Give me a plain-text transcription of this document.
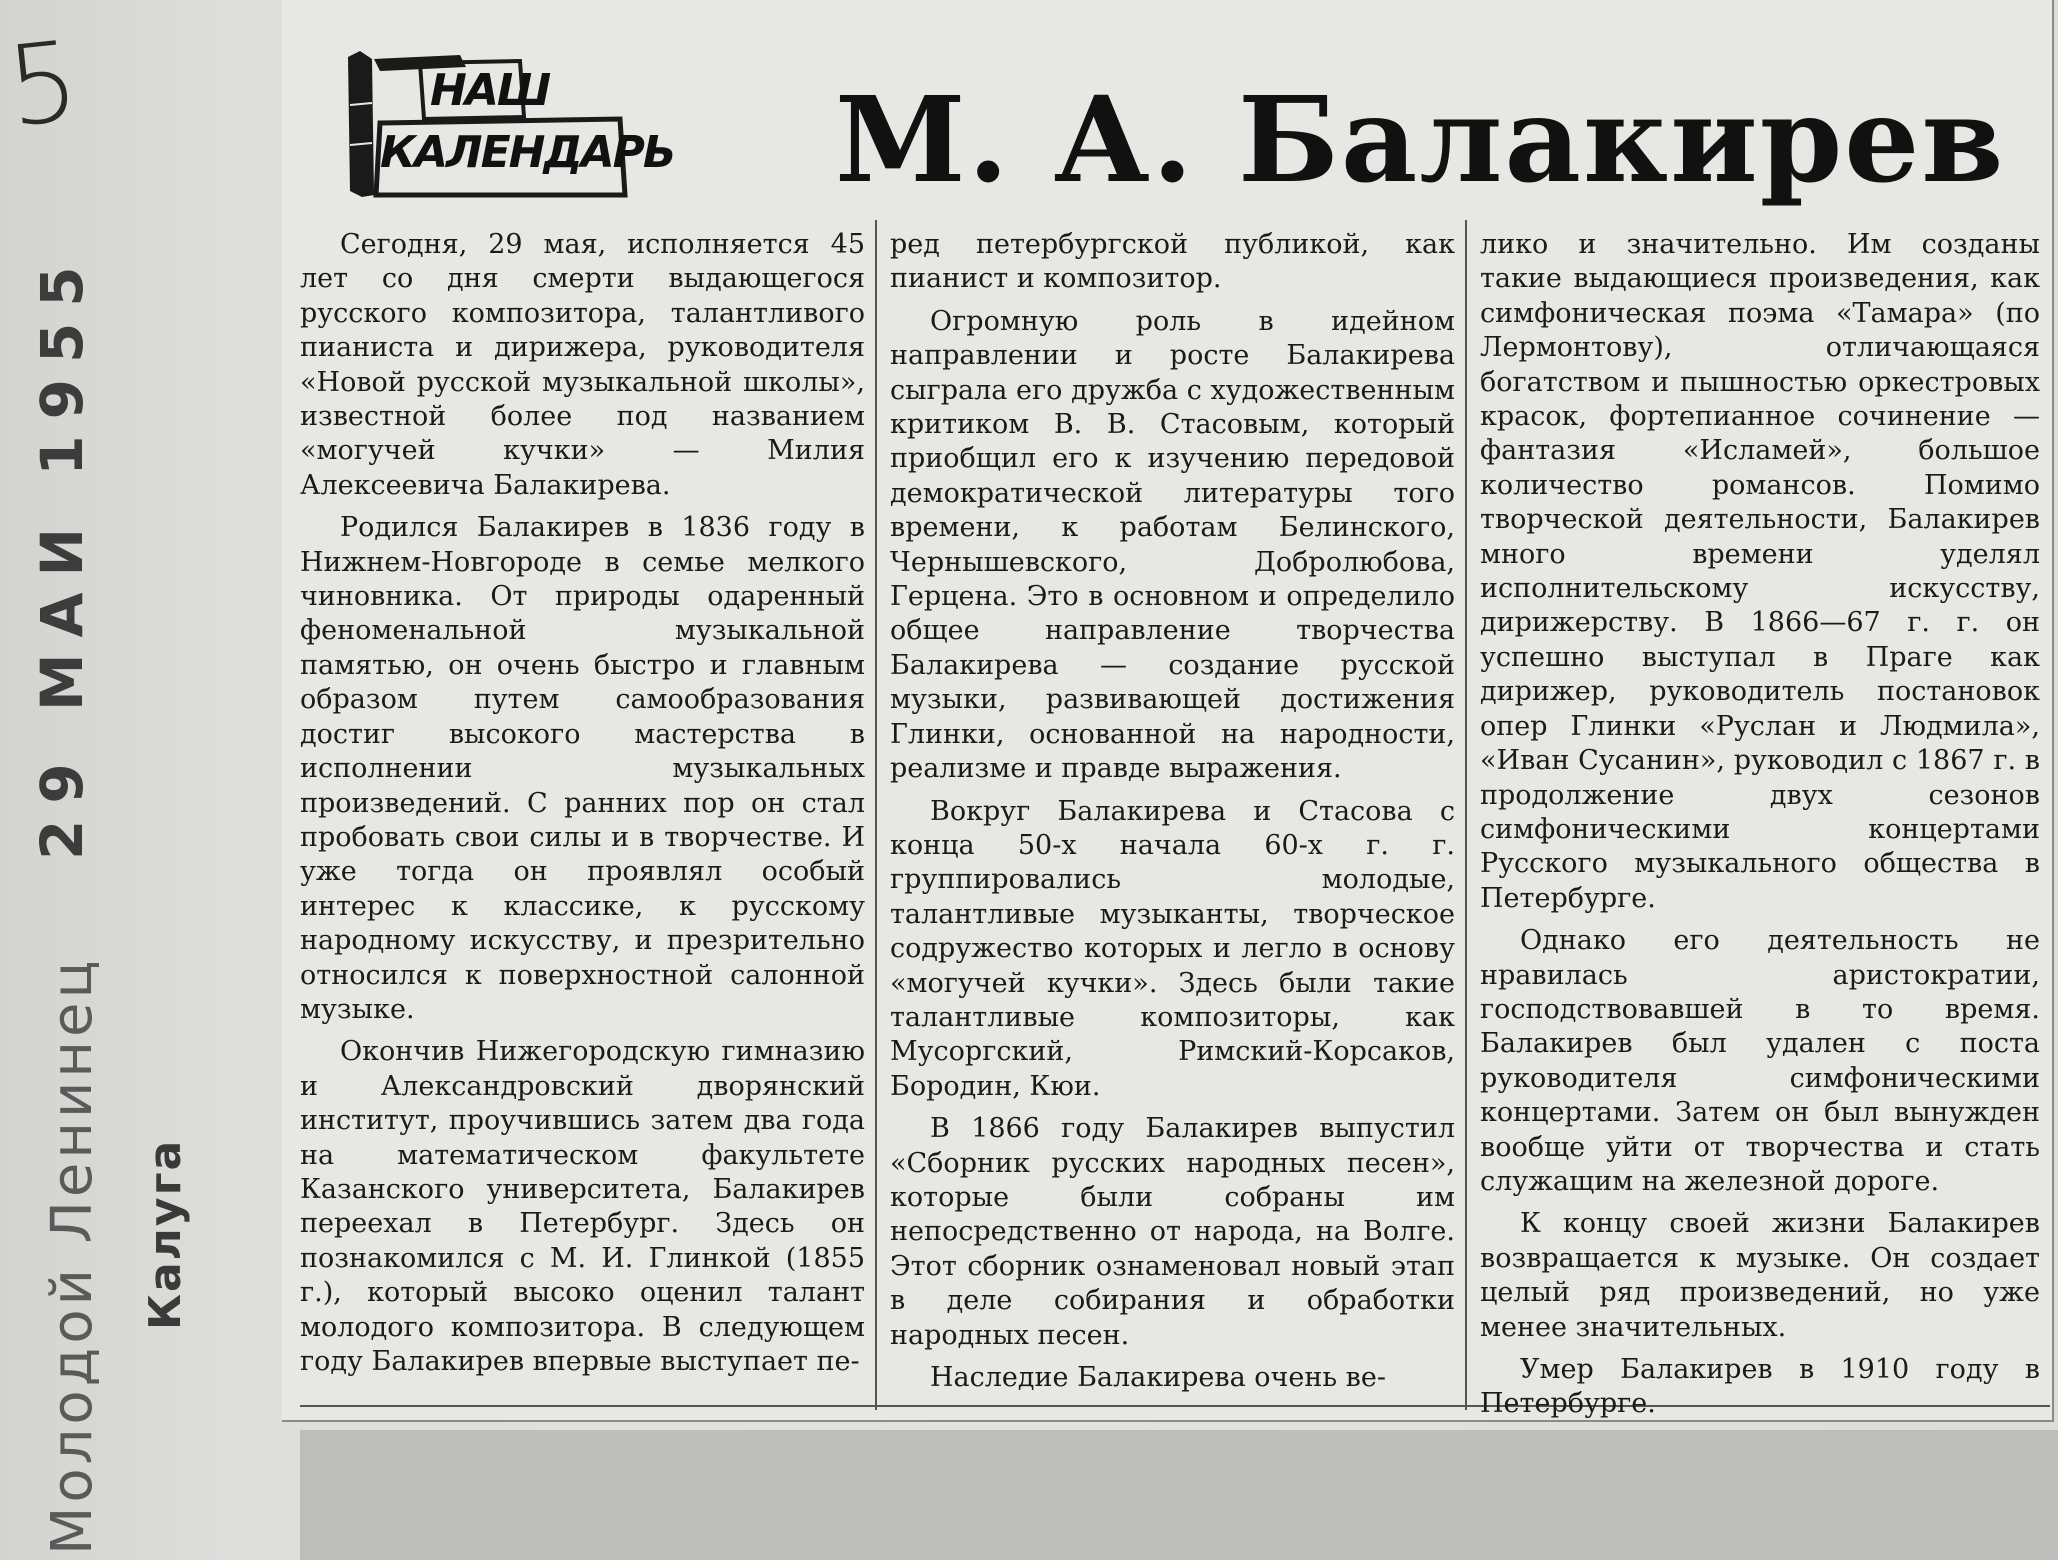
5
29 МАИ 1955
Молодой Ленинец Калуга
НАШ
КАЛЕНДАРЬ М. А. Балакирев

Сегодня, 29 мая, исполняется 45 лет со дня смерти выдающегося русского композитора, талантливого пианиста и дирижера, руководителя «Новой русской музыкальной школы», известной более под названием «могучей кучки» — Милия Алексеевича Балакирева.

Родился Балакирев в 1836 году в Нижнем-Новгороде в семье мелкого чиновника. От природы одаренный феноменальной музыкальной памятью, он очень быстро и главным образом путем самообразования достиг высокого мастерства в исполнении музыкальных произведений. С ранних пор он стал пробовать свои силы и в творчестве. И уже тогда он проявлял особый интерес к классике, к русскому народному искусству, и презрительно относился к поверхностной салонной музыке.

Окончив Нижегородскую гимназию и Александровский дворянский институт, проучившись затем два года на математическом факультете Казанского университета, Балакирев переехал в Петербург. Здесь он познакомился с М. И. Глинкой (1855 г.), который высоко оценил талант молодого композитора. В следующем году Балакирев впервые выступает пе-

ред петербургской публикой, как пианист и композитор.

Огромную роль в идейном направлении и росте Балакирева сыграла его дружба с художественным критиком В. В. Стасовым, который приобщил его к изучению передовой демократической литературы того времени, к работам Белинского, Чернышевского, Добролюбова, Герцена. Это в основном и определило общее направление творчества Балакирева — создание русской музыки, развивающей достижения Глинки, основанной на народности, реализме и правде выражения.

Вокруг Балакирева и Стасова с конца 50-х начала 60-х г. г. группировались молодые, талантливые музыканты, творческое содружество которых и легло в основу «могучей кучки». Здесь были такие талантливые композиторы, как Мусоргский, Римский-Корсаков, Бородин, Кюи.

В 1866 году Балакирев выпустил «Сборник русских народных песен», которые были собраны им непосредственно от народа, на Волге. Этот сборник ознаменовал новый этап в деле собирания и обработки народных песен.

Наследие Балакирева очень ве-

лико и значительно. Им созданы такие выдающиеся произведения, как симфоническая поэма «Тамара» (по Лермонтову), отличающаяся богатством и пышностью оркестровых красок, фортепианное сочинение — фантазия «Исламей», большое количество романсов. Помимо творческой деятельности, Балакирев много времени уделял исполнительскому искусству, дирижерству. В 1866—67 г. г. он успешно выступал в Праге как дирижер, руководитель постановок опер Глинки «Руслан и Людмила», «Иван Сусанин», руководил с 1867 г. в продолжение двух сезонов симфоническими концертами Русского музыкального общества в Петербурге.

Однако его деятельность не нравилась аристократии, господствовавшей в то время. Балакирев был удален с поста руководителя симфоническими концертами. Затем он был вынужден вообще уйти от творчества и стать служащим на железной дороге.

К концу своей жизни Балакирев возвращается к музыке. Он создает целый ряд произведений, но уже менее значительных.

Умер Балакирев в 1910 году в Петербурге.
